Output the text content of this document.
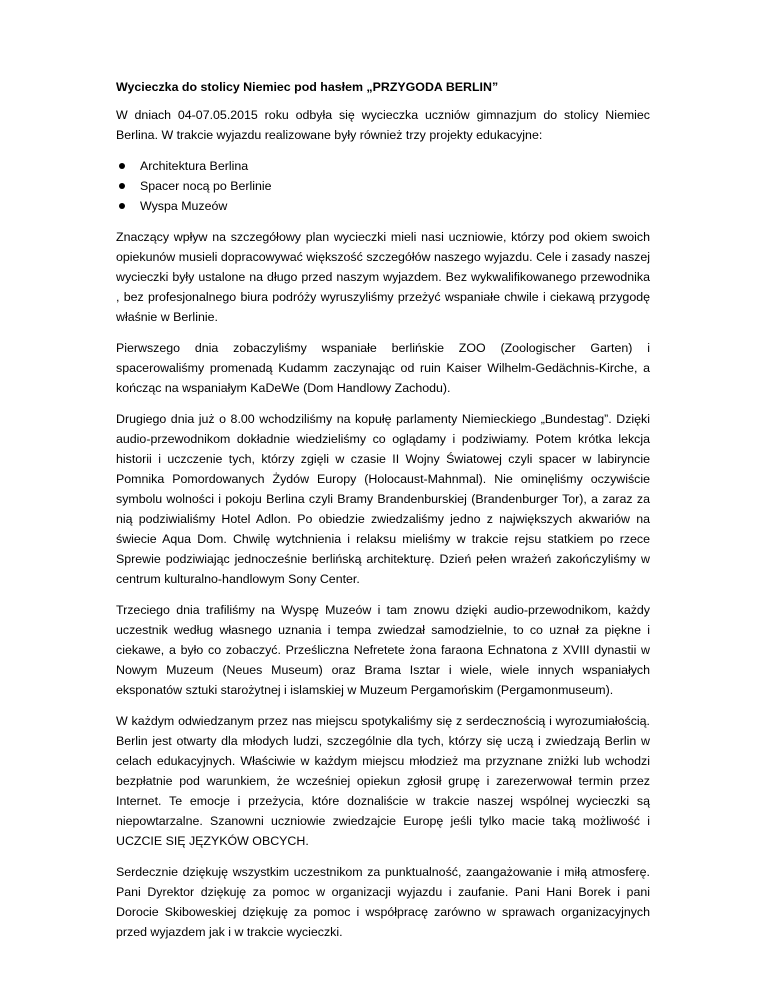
Wycieczka do stolicy Niemiec pod hasłem „PRZYGODA BERLIN”

W dniach 04-07.05.2015 roku odbyła się wycieczka uczniów gimnazjum do stolicy Niemiec Berlina. W trakcie wyjazdu realizowane były również trzy projekty edukacyjne:

Architektura Berlina
Spacer nocą po Berlinie
Wyspa Muzeów

Znaczący wpływ na szczegółowy plan wycieczki mieli nasi uczniowie, którzy pod okiem swoich opiekunów musieli dopracowywać większość szczegółów naszego wyjazdu. Cele i zasady naszej wycieczki były ustalone na długo przed naszym wyjazdem. Bez wykwalifikowanego przewodnika , bez profesjonalnego biura podróży wyruszyliśmy przeżyć wspaniałe chwile i ciekawą przygodę właśnie w Berlinie.

Pierwszego dnia zobaczyliśmy wspaniałe berlińskie ZOO (Zoologischer Garten) i spacerowaliśmy promenadą Kudamm zaczynając od ruin Kaiser Wilhelm-Gedächnis-Kirche, a kończąc na wspaniałym KaDeWe (Dom Handlowy Zachodu).

Drugiego dnia już o 8.00 wchodziliśmy na kopułę parlamenty Niemieckiego „Bundestag”. Dzięki audio-przewodnikom dokładnie wiedzieliśmy co oglądamy i podziwiamy. Potem krótka lekcja historii i uczczenie tych, którzy zgięli w czasie II Wojny Światowej czyli spacer w labiryncie Pomnika Pomordowanych Żydów Europy (Holocaust-Mahnmal). Nie ominęliśmy oczywiście symbolu wolności i pokoju Berlina czyli Bramy Brandenburskiej (Brandenburger Tor), a zaraz za nią podziwialiśmy Hotel Adlon. Po obiedzie zwiedzaliśmy jedno z największych akwariów na świecie Aqua Dom. Chwilę wytchnienia i relaksu mieliśmy w trakcie rejsu statkiem po rzece Sprewie podziwiając jednocześnie berlińską architekturę. Dzień pełen wrażeń zakończyliśmy w centrum kulturalno-handlowym Sony Center.

Trzeciego dnia trafiliśmy na Wyspę Muzeów i tam znowu dzięki audio-przewodnikom, każdy uczestnik według własnego uznania i tempa zwiedzał samodzielnie, to co uznał za piękne i ciekawe, a było co zobaczyć. Prześliczna Nefretete żona faraona Echnatona z XVIII dynastii w Nowym Muzeum (Neues Museum) oraz Brama Isztar i wiele, wiele innych wspaniałych eksponatów sztuki starożytnej i islamskiej w Muzeum Pergamońskim (Pergamonmuseum).

W każdym odwiedzanym przez nas miejscu spotykaliśmy się z serdecznością i wyrozumiałością. Berlin jest otwarty dla młodych ludzi, szczególnie dla tych, którzy się uczą i zwiedzają Berlin w celach edukacyjnych. Właściwie w każdym miejscu młodzież ma przyznane zniżki lub wchodzi bezpłatnie pod warunkiem, że wcześniej opiekun zgłosił grupę i zarezerwował termin przez Internet. Te emocje i przeżycia, które doznaliście w trakcie naszej wspólnej wycieczki są niepowtarzalne. Szanowni uczniowie zwiedzajcie Europę jeśli tylko macie taką możliwość i UCZCIE SIĘ JĘZYKÓW OBCYCH.

Serdecznie dziękuję wszystkim uczestnikom za punktualność, zaangażowanie i miłą atmosferę. Pani Dyrektor dziękuję za pomoc w organizacji wyjazdu i zaufanie. Pani Hani Borek i pani Dorocie Skiboweskiej dziękuję za pomoc i współpracę zarówno w sprawach organizacyjnych przed wyjazdem jak i w trakcie wycieczki.
